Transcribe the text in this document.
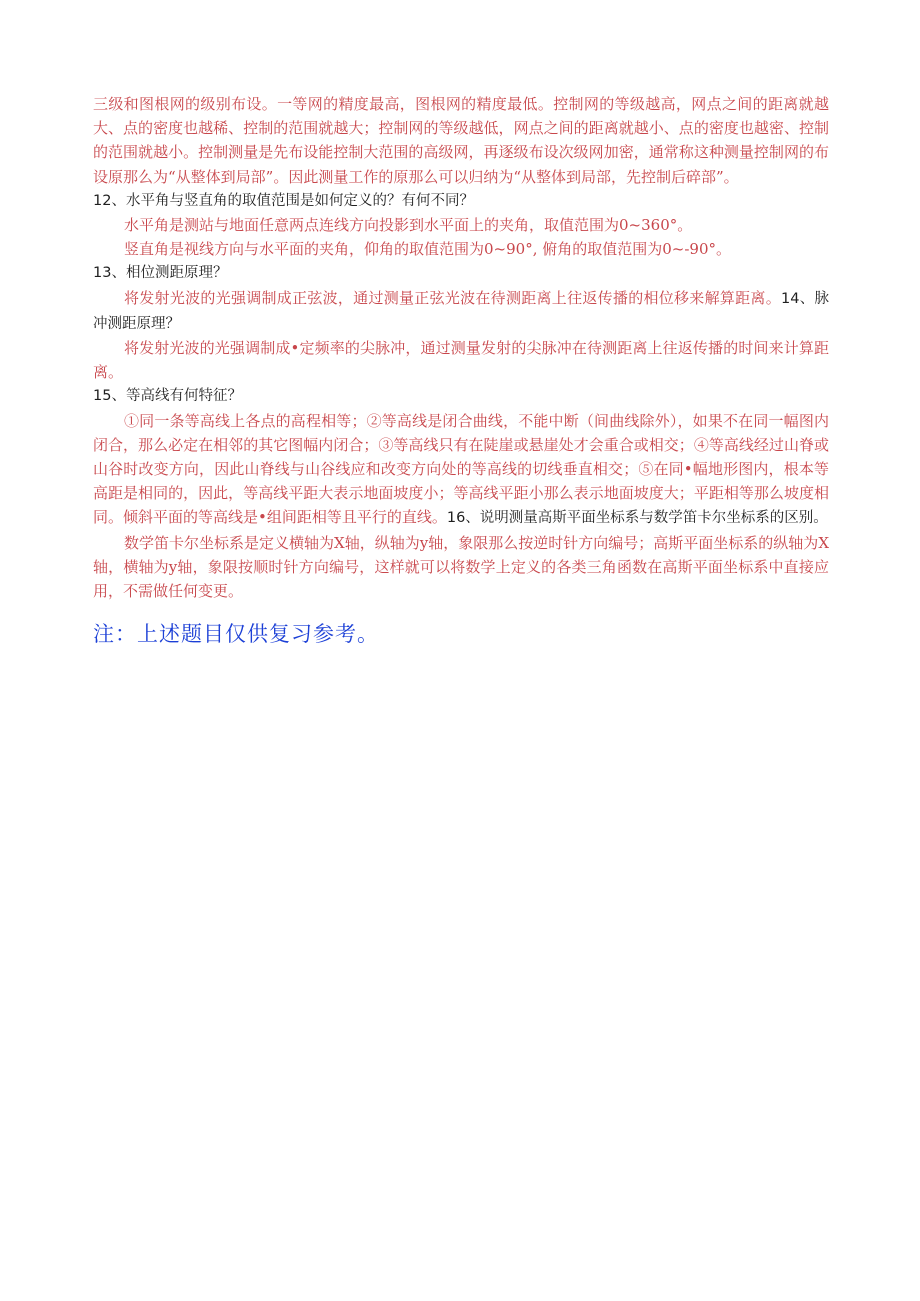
三级和图根网的级别布设。一等网的精度最高，图根网的精度最低。控制网的等级越高，网点之间的距离就越大、点的密度也越稀、控制的范围就越大；控制网的等级越低，网点之间的距离就越小、点的密度也越密、控制的范围就越小。控制测量是先布设能控制大范围的高级网，再逐级布设次级网加密，通常称这种测量控制网的布设原那么为“从整体到局部”。因此测量工作的原那么可以归纳为“从整体到局部，先控制后碎部”。

12、水平角与竖直角的取值范围是如何定义的？有何不同？

水平角是测站与地面任意两点连线方向投影到水平面上的夹角，取值范围为0~360°。

竖直角是视线方向与水平面的夹角，仰角的取值范围为0~90°, 俯角的取值范围为0~-90°。

13、相位测距原理？

将发射光波的光强调制成正弦波，通过测量正弦光波在待测距离上往返传播的相位移来解算距离。14、脉冲测距原理？

将发射光波的光强调制成•定频率的尖脉冲，通过测量发射的尖脉冲在待测距离上往返传播的时间来计算距离。

15、等高线有何特征？

①同一条等高线上各点的高程相等；②等高线是闭合曲线，不能中断（间曲线除外），如果不在同一幅图内闭合，那么必定在相邻的其它图幅内闭合；③等高线只有在陡崖或悬崖处才会重合或相交；④等高线经过山脊或山谷时改变方向，因此山脊线与山谷线应和改变方向处的等高线的切线垂直相交；⑤在同•幅地形图内，根本等高距是相同的，因此，等高线平距大表示地面坡度小；等高线平距小那么表示地面坡度大；平距相等那么坡度相同。倾斜平面的等高线是•组间距相等且平行的直线。16、说明测量高斯平面坐标系与数学笛卡尔坐标系的区别。

数学笛卡尔坐标系是定义横轴为X轴，纵轴为y轴，象限那么按逆时针方向编号；高斯平面坐标系的纵轴为X轴，横轴为y轴，象限按顺时针方向编号，这样就可以将数学上定义的各类三角函数在高斯平面坐标系中直接应用，不需做任何变更。

注：上述题目仅供复习参考。
